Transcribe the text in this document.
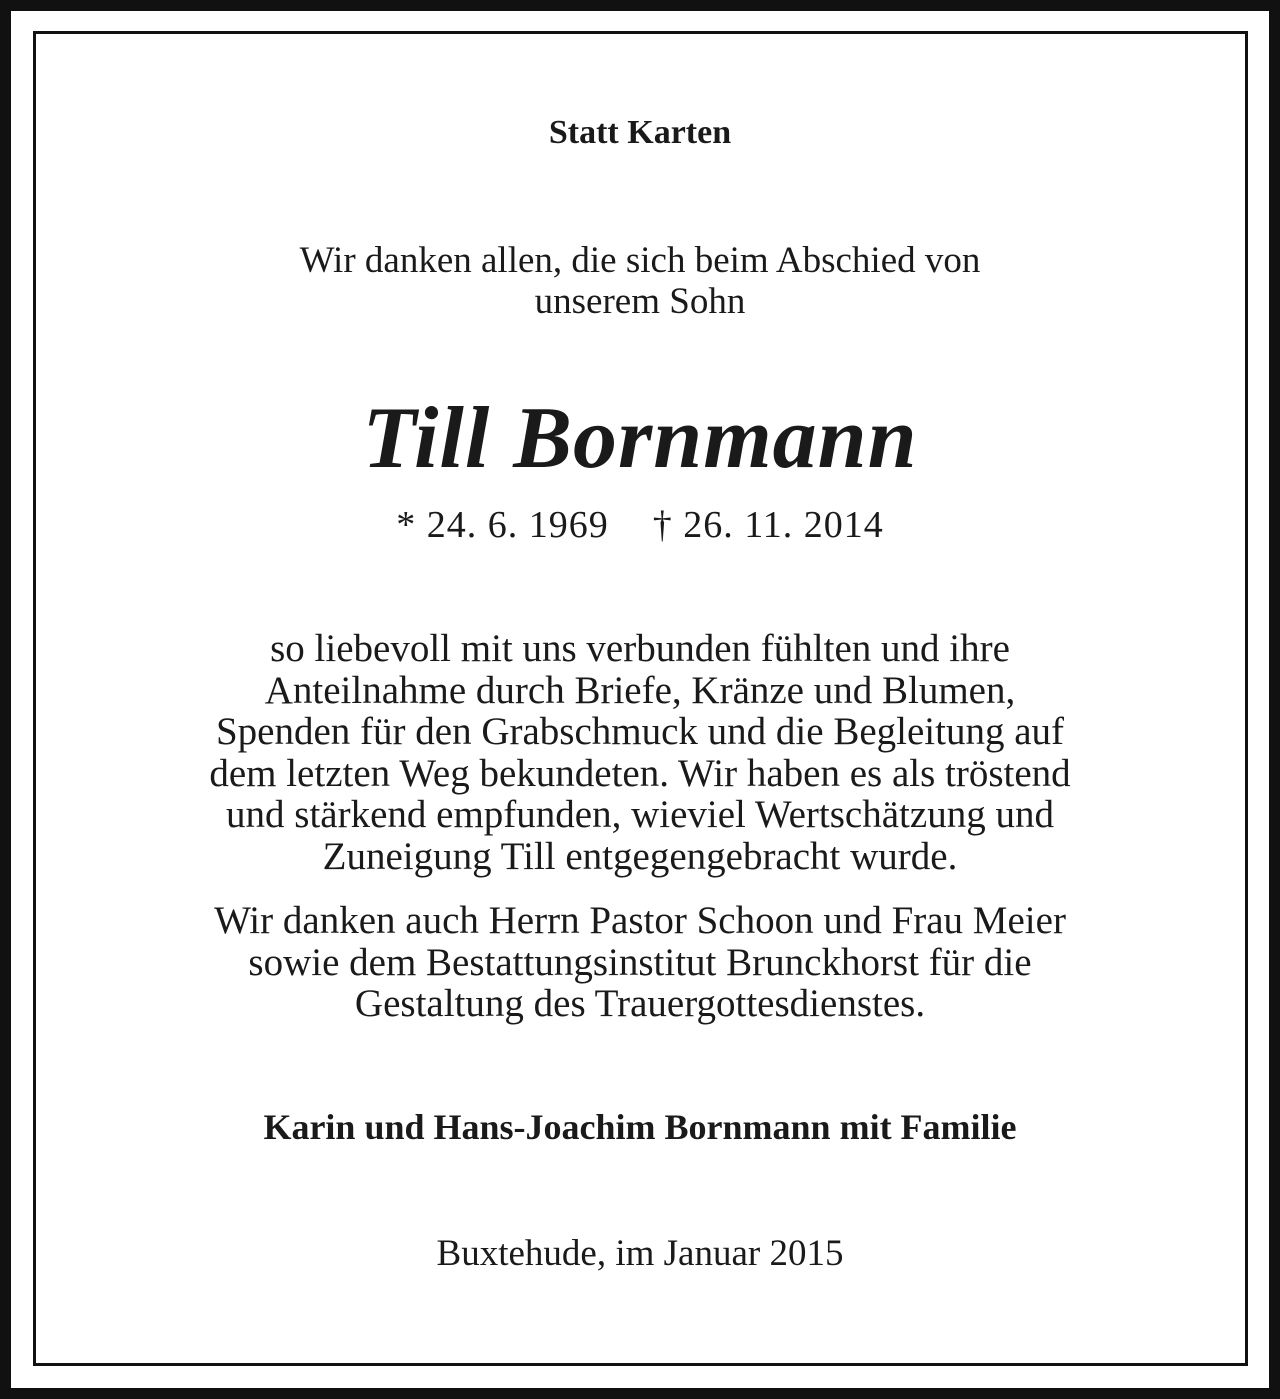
Statt Karten
Wir danken allen, die sich beim Abschied von
unserem Sohn
Till Bornmann
* 24. 6. 1969 † 26. 11. 2014
so liebevoll mit uns verbunden fühlten und ihre
Anteilnahme durch Briefe, Kränze und Blumen,
Spenden für den Grabschmuck und die Begleitung auf
dem letzten Weg bekundeten. Wir haben es als tröstend
und stärkend empfunden, wieviel Wertschätzung und
Zuneigung Till entgegengebracht wurde.
Wir danken auch Herrn Pastor Schoon und Frau Meier
sowie dem Bestattungsinstitut Brunckhorst für die
Gestaltung des Trauergottesdienstes.
Karin und Hans-Joachim Bornmann mit Familie
Buxtehude, im Januar 2015
